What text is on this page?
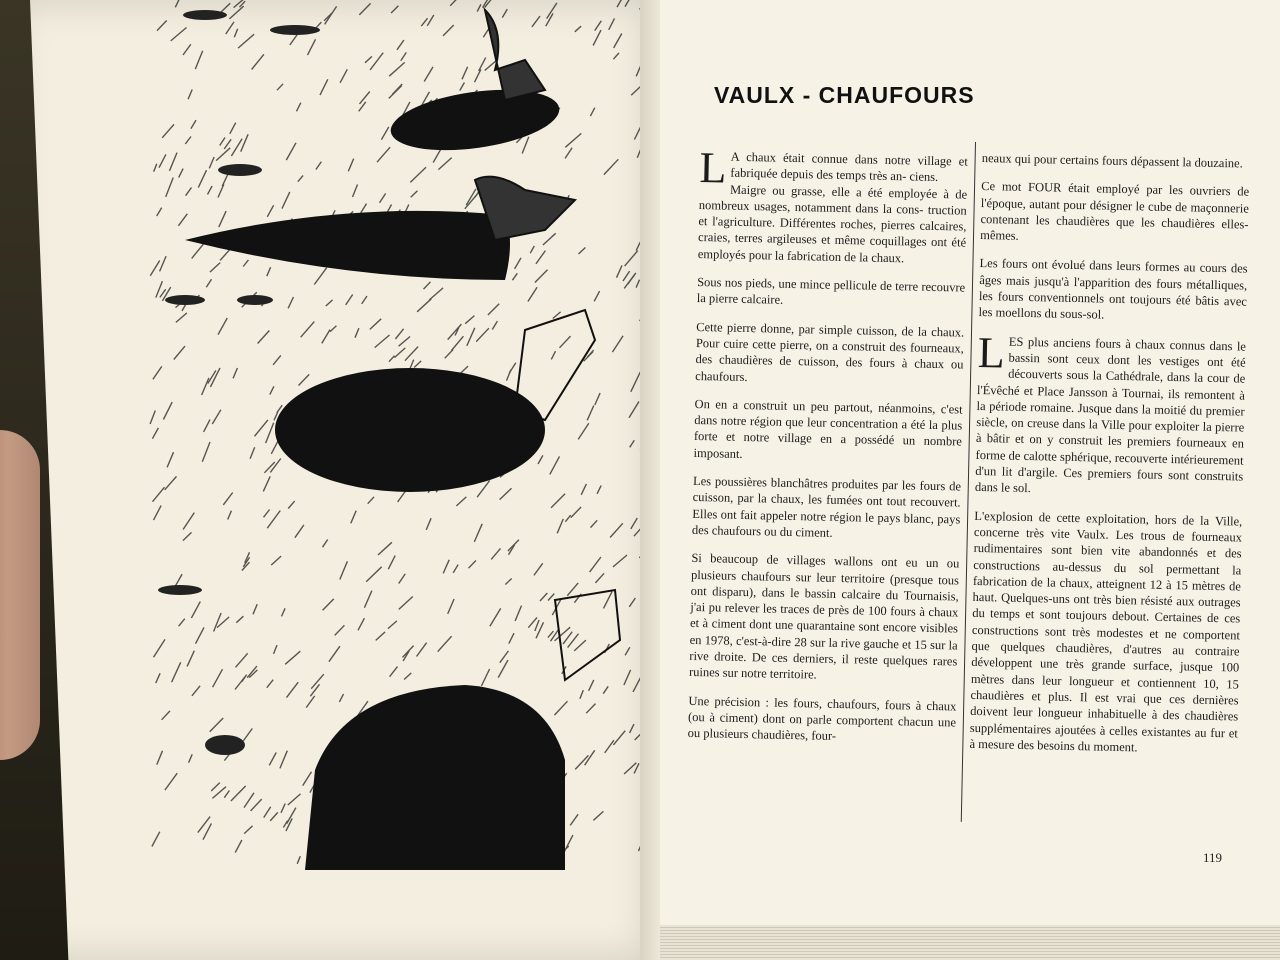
VAULX - CHAUFOURS

L A chaux était connue dans notre village et fabriquée depuis des temps très an- ciens.
Maigre ou grasse, elle a été employée à de nombreux usages, notamment dans la cons- truction et l'agriculture. Différentes roches, pierres calcaires, craies, terres argileuses et même coquillages ont été employés pour la fabrication de la chaux.

Sous nos pieds, une mince pellicule de terre recouvre la pierre calcaire.

Cette pierre donne, par simple cuisson, de la chaux. Pour cuire cette pierre, on a construit des fourneaux, des chaudières de cuisson, des fours à chaux ou chaufours.

On en a construit un peu partout, néanmoins, c'est dans notre région que leur concentration a été la plus forte et notre village en a possédé un nombre imposant.

Les poussières blanchâtres produites par les fours de cuisson, par la chaux, les fumées ont tout recouvert. Elles ont fait appeler notre région le pays blanc, pays des chaufours ou du ciment.

Si beaucoup de villages wallons ont eu un ou plusieurs chaufours sur leur territoire (presque tous ont disparu), dans le bassin calcaire du Tournaisis, j'ai pu relever les traces de près de 100 fours à chaux et à ciment dont une quarantaine sont encore visibles en 1978, c'est-à-dire 28 sur la rive gauche et 15 sur la rive droite. De ces derniers, il reste quelques rares ruines sur notre territoire.

Une précision : les fours, chaufours, fours à chaux (ou à ciment) dont on parle comportent chacun une ou plusieurs chaudières, four-

neaux qui pour certains fours dépassent la douzaine.

Ce mot FOUR était employé par les ouvriers de l'époque, autant pour désigner le cube de maçonnerie contenant les chaudières que les chaudières elles-mêmes.

Les fours ont évolué dans leurs formes au cours des âges mais jusqu'à l'apparition des fours métalliques, les fours conventionnels ont toujours été bâtis avec les moellons du sous-sol.

L ES plus anciens fours à chaux connus dans le bassin sont ceux dont les vestiges ont été découverts sous la Cathédrale, dans la cour de l'Évêché et Place Jansson à Tournai, ils remontent à la période romaine. Jusque dans la moitié du premier siècle, on creuse dans la Ville pour exploiter la pierre à bâtir et on y construit les premiers fourneaux en forme de calotte sphérique, recouverte intérieurement d'un lit d'argile. Ces premiers fours sont construits dans le sol.

L'explosion de cette exploitation, hors de la Ville, concerne très vite Vaulx. Les trous de fourneaux rudimentaires sont bien vite abandonnés et des constructions au-dessus du sol permettant la fabrication de la chaux, atteignent 12 à 15 mètres de haut. Quelques-uns ont très bien résisté aux outrages du temps et sont toujours debout. Certaines de ces constructions sont très modestes et ne comportent que quelques chaudières, d'autres au contraire développent une très grande surface, jusque 100 mètres dans leur longueur et contiennent 10, 15 chaudières et plus. Il est vrai que ces dernières doivent leur longueur inhabituelle à des chaudières supplémentaires ajoutées à celles existantes au fur et à mesure des besoins du moment.

119
